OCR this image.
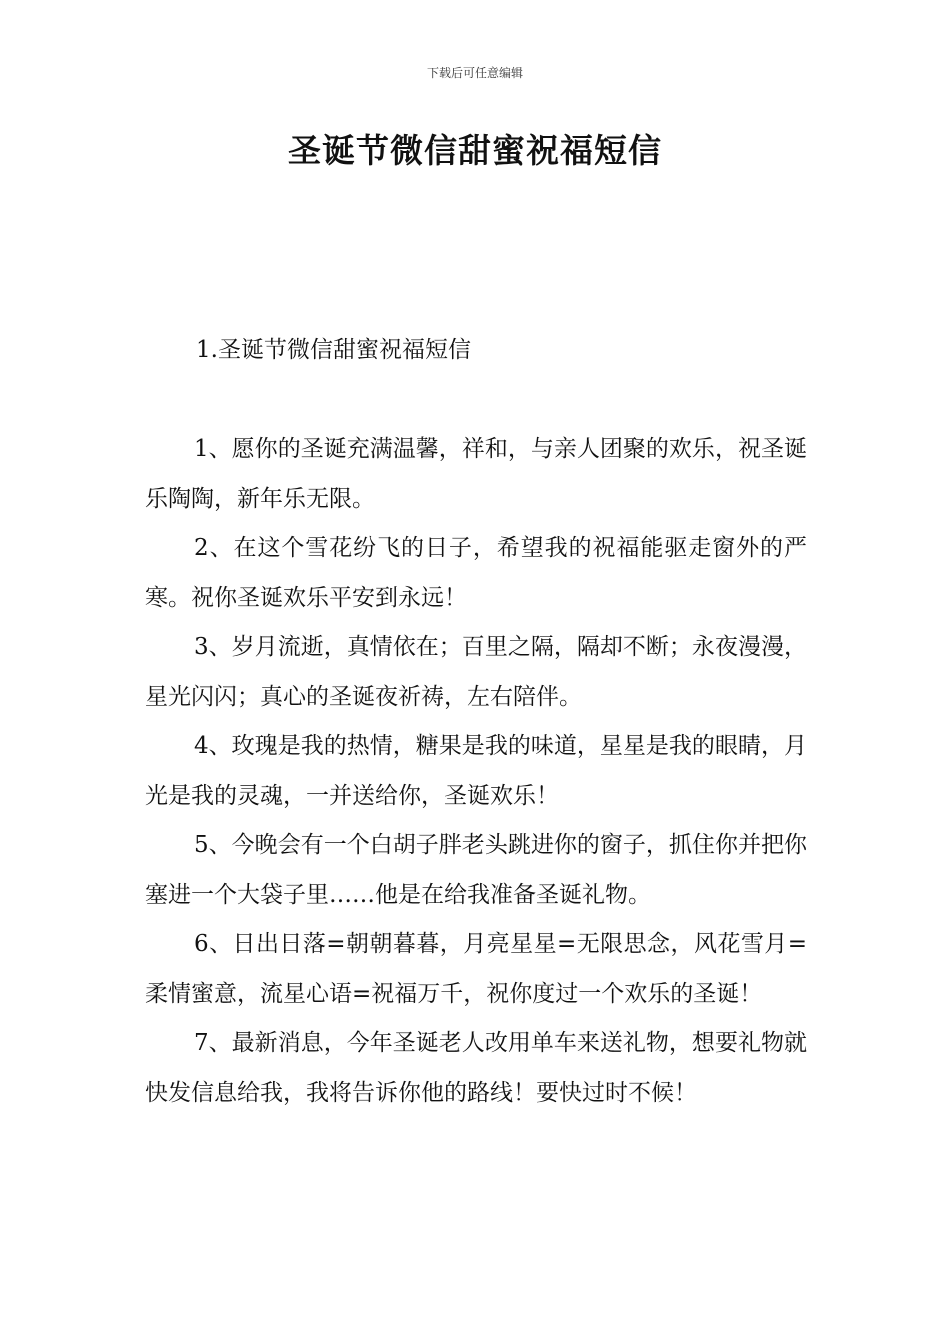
下载后可任意编辑
圣诞节微信甜蜜祝福短信
1.圣诞节微信甜蜜祝福短信

1、愿你的圣诞充满温馨，祥和，与亲人团聚的欢乐，祝圣诞乐陶陶，新年乐无限。

2、在这个雪花纷飞的日子，希望我的祝福能驱走窗外的严寒。祝你圣诞欢乐平安到永远！

3、岁月流逝，真情依在；百里之隔，隔却不断；永夜漫漫，星光闪闪；真心的圣诞夜祈祷，左右陪伴。

4、玫瑰是我的热情，糖果是我的味道，星星是我的眼睛，月光是我的灵魂，一并送给你，圣诞欢乐！

5、今晚会有一个白胡子胖老头跳进你的窗子，抓住你并把你塞进一个大袋子里……他是在给我准备圣诞礼物。

6、日出日落=朝朝暮暮，月亮星星=无限思念，风花雪月=柔情蜜意，流星心语=祝福万千，祝你度过一个欢乐的圣诞！

7、最新消息，今年圣诞老人改用单车来送礼物，想要礼物就快发信息给我，我将告诉你他的路线！要快过时不候！
